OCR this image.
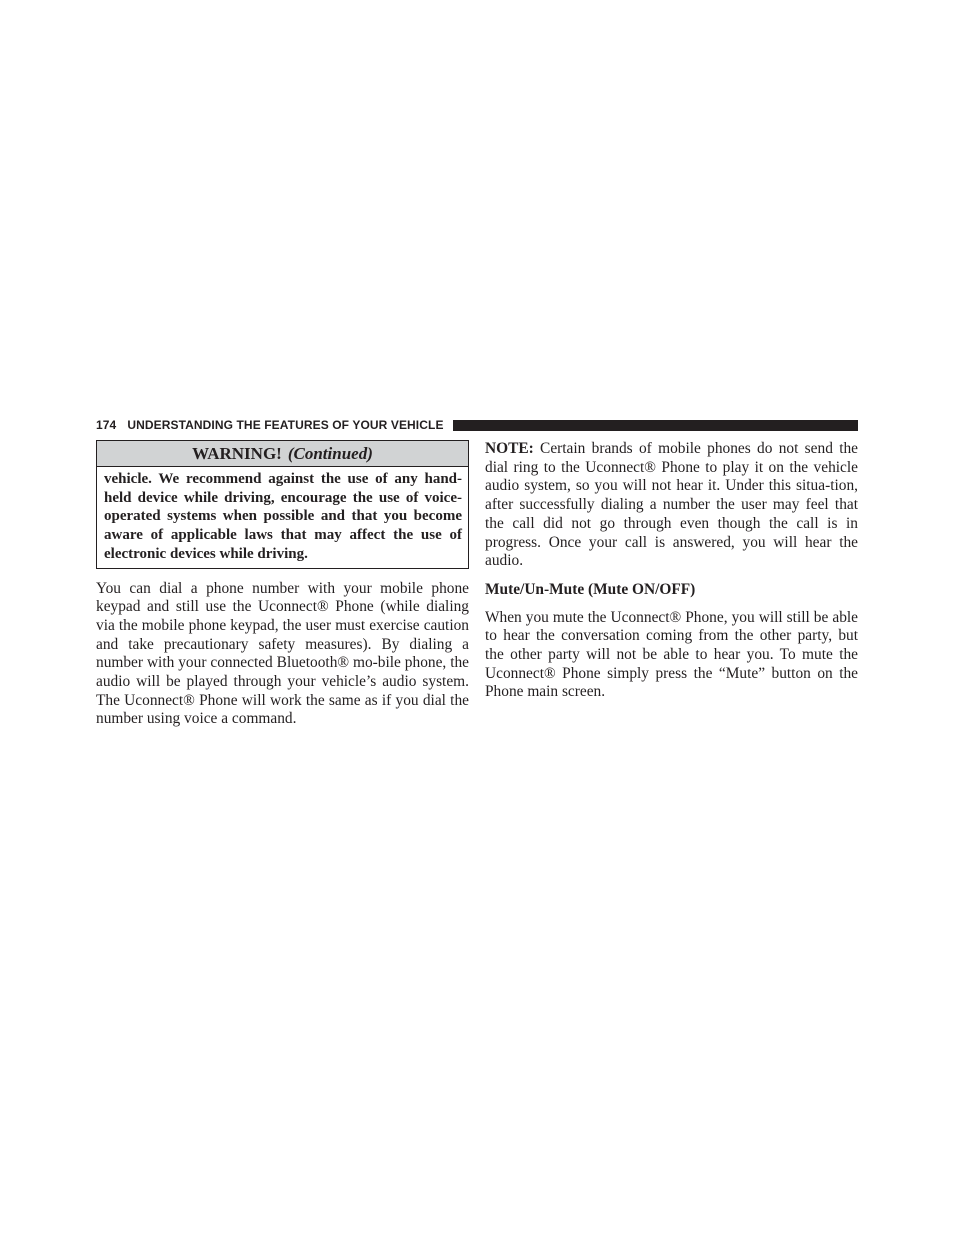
174 UNDERSTANDING THE FEATURES OF YOUR VEHICLE
WARNING! (Continued)
vehicle. We recommend against the use of any hand-held device while driving, encourage the use of voice-operated systems when possible and that you become aware of applicable laws that may affect the use of electronic devices while driving.

You can dial a phone number with your mobile phone keypad and still use the Uconnect® Phone (while dialing via the mobile phone keypad, the user must exercise caution and take precautionary safety measures). By dialing a number with your connected Bluetooth® mo-bile phone, the audio will be played through your vehicle’s audio system. The Uconnect® Phone will work the same as if you dial the number using voice a command.

NOTE: Certain brands of mobile phones do not send the dial ring to the Uconnect® Phone to play it on the vehicle audio system, so you will not hear it. Under this situa-tion, after successfully dialing a number the user may feel that the call did not go through even though the call is in progress. Once your call is answered, you will hear the audio.

Mute/Un-Mute (Mute ON/OFF)

When you mute the Uconnect® Phone, you will still be able to hear the conversation coming from the other party, but the other party will not be able to hear you. To mute the Uconnect® Phone simply press the “Mute” button on the Phone main screen.
